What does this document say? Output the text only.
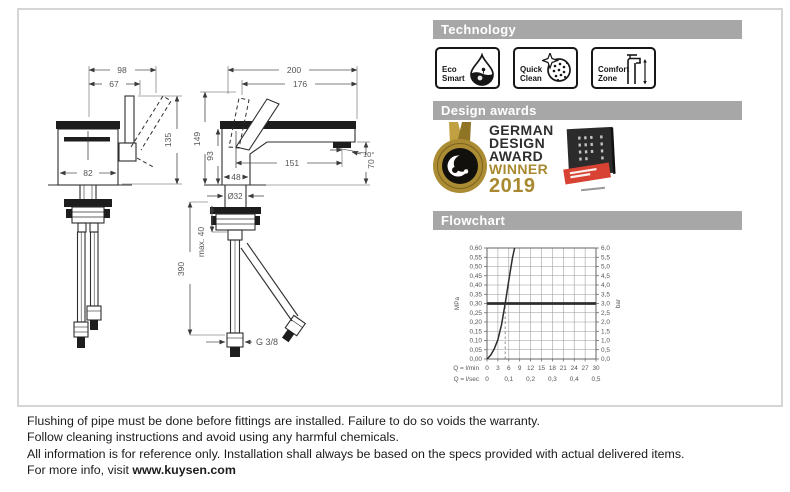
98
67
135
82
200
176
149
93
151
10°
70
48
Ø32
390
max. 40
G 3/8
Technology
Eco
Smart
Quick
Clean
Comfort
Zone
Design awards
GERMAN
DESIGN
AWARD
WINNER
2019
Flowchart
0,00	0,0
0,05	0,5
0,10	1,0
0,15	1,5
0,20	2,0
0,25	2,5
0,30	3,0
0,35	3,5
0,40	4,0
0,45	4,5
0,50	5,0
0,55	5,5
0,60	6,0
0 3 6 9 12 15 18 21 24 27 30
0 0,1 0,2 0,3 0,4 0,5
Q = l/min
Q = l/sec
MPa	bar
Flushing of pipe must be done before fittings are installed. Failure to do so voids the warranty.
Follow cleaning instructions and avoid using any harmful chemicals.
All information is for reference only. Installation shall always be based on the specs provided with actual delivered items.
For more info, visit www.kuysen.com
